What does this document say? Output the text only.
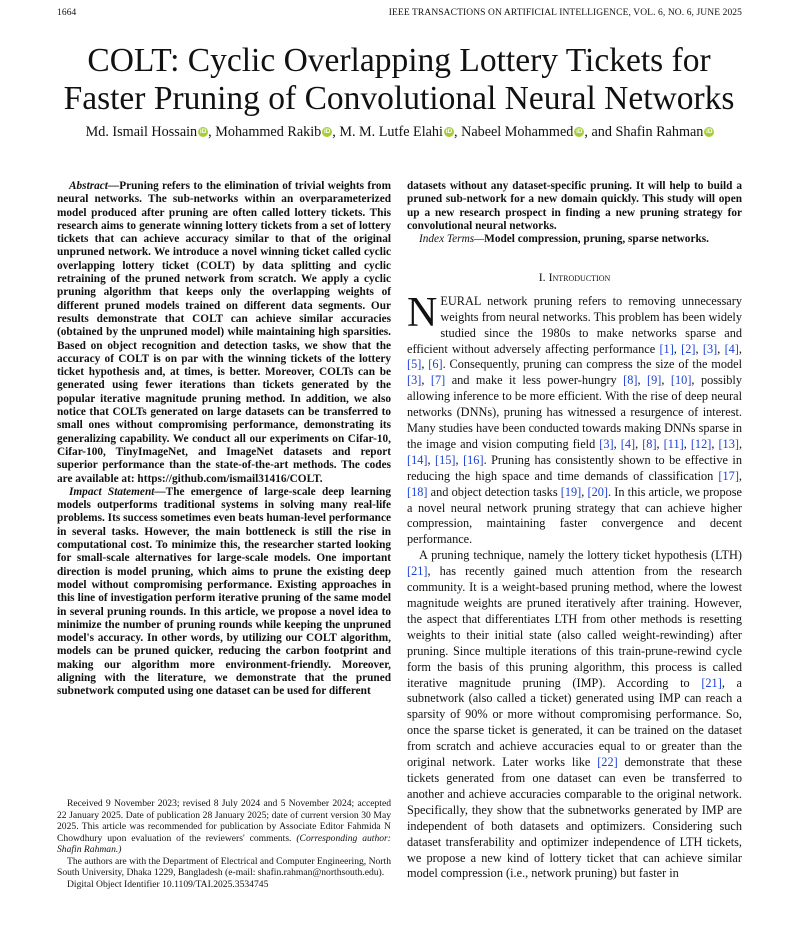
1664	IEEE TRANSACTIONS ON ARTIFICIAL INTELLIGENCE, VOL. 6, NO. 6, JUNE 2025
COLT: Cyclic Overlapping Lottery Tickets for
Faster Pruning of Convolutional Neural Networks
Md. Ismail Hossain iD , Mohammed Rakib iD , M. M. Lutfe Elahi iD , Nabeel Mohammed iD , and Shafin Rahman iD

Abstract—Pruning refers to the elimination of trivial weights from neural networks. The sub-networks within an overparameterized model produced after pruning are often called lottery tickets. This research aims to generate winning lottery tickets from a set of lottery tickets that can achieve accuracy similar to that of the original unpruned network. We introduce a novel winning ticket called cyclic overlapping lottery ticket (COLT) by data splitting and cyclic retraining of the pruned network from scratch. We apply a cyclic pruning algorithm that keeps only the overlapping weights of different pruned models trained on different data segments. Our results demonstrate that COLT can achieve similar accuracies (obtained by the unpruned model) while maintaining high sparsities. Based on object recognition and detection tasks, we show that the accuracy of COLT is on par with the winning tickets of the lottery ticket hypothesis and, at times, is better. Moreover, COLTs can be generated using fewer iterations than tickets generated by the popular iterative magnitude pruning method. In addition, we also notice that COLTs generated on large datasets can be transferred to small ones without compromising performance, demonstrating its generalizing capability. We conduct all our experiments on Cifar-10, Cifar-100, TinyImageNet, and ImageNet datasets and report superior performance than the state-of-the-art methods. The codes are available at: https://github.com/ismail31416/COLT.

Impact Statement—The emergence of large-scale deep learning models outperforms traditional systems in solving many real-life problems. Its success sometimes even beats human-level performance in several tasks. However, the main bottleneck is still the rise in computational cost. To minimize this, the researcher started looking for small-scale alternatives for large-scale models. One important direction is model pruning, which aims to prune the existing deep model without compromising performance. Existing approaches in this line of investigation perform iterative pruning of the same model in several pruning rounds. In this article, we propose a novel idea to minimize the number of pruning rounds while keeping the unpruned model's accuracy. In other words, by utilizing our COLT algorithm, models can be pruned quicker, reducing the carbon footprint and making our algorithm more environment-friendly. Moreover, aligning with the literature, we demonstrate that the pruned subnetwork computed using one dataset can be used for different

datasets without any dataset-specific pruning. It will help to build a pruned sub-network for a new domain quickly. This study will open up a new research prospect in finding a new pruning strategy for convolutional neural networks.

Index Terms—Model compression, pruning, sparse networks.

I. Introduction

NEURAL network pruning refers to removing unnecessary weights from neural networks. This problem has been widely studied since the 1980s to make networks sparse and efficient without adversely affecting performance [1], [2], [3], [4], [5], [6]. Consequently, pruning can compress the size of the model [3], [7] and make it less power-hungry [8], [9], [10], possibly allowing inference to be more efficient. With the rise of deep neural networks (DNNs), pruning has witnessed a resurgence of interest. Many studies have been conducted towards making DNNs sparse in the image and vision computing field [3], [4], [8], [11], [12], [13], [14], [15], [16]. Pruning has consistently shown to be effective in reducing the high space and time demands of classification [17], [18] and object detection tasks [19], [20]. In this article, we propose a novel neural network pruning strategy that can achieve higher compression, maintaining faster convergence and decent performance.

A pruning technique, namely the lottery ticket hypothesis (LTH) [21], has recently gained much attention from the research community. It is a weight-based pruning method, where the lowest magnitude weights are pruned iteratively after training. However, the aspect that differentiates LTH from other methods is resetting weights to their initial state (also called weight-rewinding) after pruning. Since multiple iterations of this train-prune-rewind cycle form the basis of this pruning algorithm, this process is called iterative magnitude pruning (IMP). According to [21], a subnetwork (also called a ticket) generated using IMP can reach a sparsity of 90% or more without compromising performance. So, once the sparse ticket is generated, it can be trained on the dataset from scratch and achieve accuracies equal to or greater than the original network. Later works like [22] demonstrate that these tickets generated from one dataset can even be transferred to another and achieve accuracies comparable to the original network. Specifically, they show that the subnetworks generated by IMP are independent of both datasets and optimizers. Considering such dataset transferability and optimizer independence of LTH tickets, we propose a new kind of lottery ticket that can achieve similar model compression (i.e., network pruning) but faster in

Received 9 November 2023; revised 8 July 2024 and 5 November 2024; accepted 22 January 2025. Date of publication 28 January 2025; date of current version 30 May 2025. This article was recommended for publication by Associate Editor Fahmida N Chowdhury upon evaluation of the reviewers' comments. (Corresponding author: Shafin Rahman.)

The authors are with the Department of Electrical and Computer Engineering, North South University, Dhaka 1229, Bangladesh (e-mail: shafin.rahman@northsouth.edu).

Digital Object Identifier 10.1109/TAI.2025.3534745
